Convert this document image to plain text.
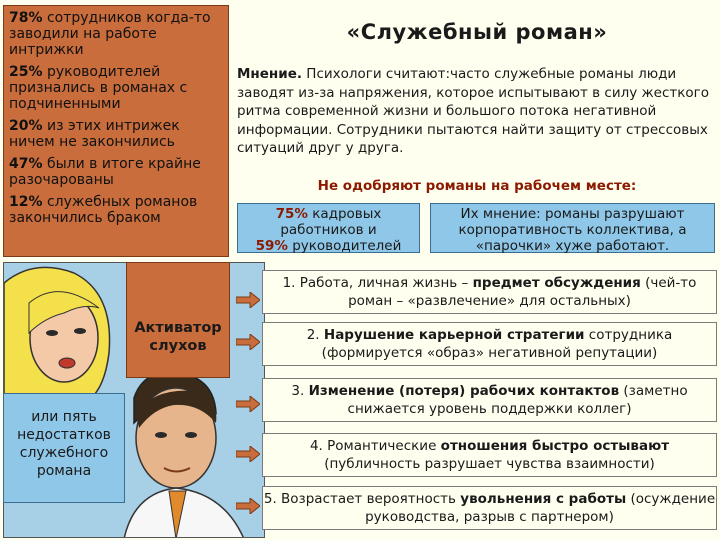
78% сотрудников когда-то заводили на работе интрижки
25% руководителей признались в романах с подчиненными
20% из этих интрижек ничем не закончились
47% были в итоге крайне разочарованы
12% служебных романов закончились браком
«Служебный роман»
Мнение. Психологи считают:часто служебные романы люди заводят из-за напряжения, которое испытывают в силу жесткого ритма современной жизни и большого потока негативной информации. Сотрудники пытаются найти защиту от стрессовых ситуаций друг у друга.
Не одобряют романы на рабочем месте:
75% кадровых работников и
59% руководителей
Их мнение: романы разрушают корпоративность коллектива, а «парочки» хуже работают.
Активатор слухов
или пять недостатков служебного романа
1. Работа, личная жизнь – предмет обсуждения (чей-то роман – «развлечение» для остальных)
2. Нарушение карьерной стратегии сотрудника (формируется «образ» негативной репутации)
3. Изменение (потеря) рабочих контактов (заметно снижается уровень поддержки коллег)
4. Романтические отношения быстро остывают (публичность разрушает чувства взаимности)
5. Возрастает вероятность увольнения с работы (осуждение руководства, разрыв с партнером)
